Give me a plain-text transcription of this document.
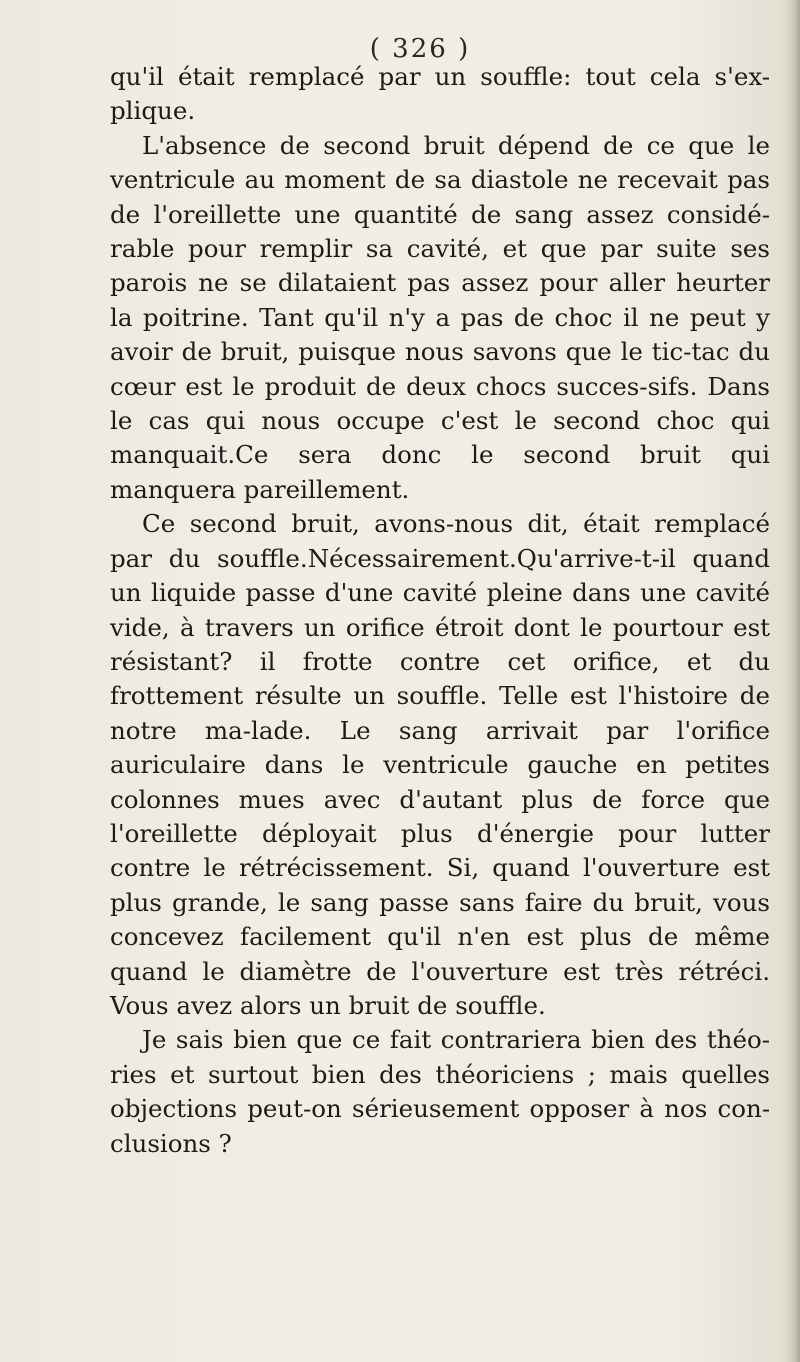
( 326 )

qu'il était remplacé par un souffle: tout cela s'ex-plique.

L'absence de second bruit dépend de ce que le ventricule au moment de sa diastole ne recevait pas de l'oreillette une quantité de sang assez considé-rable pour remplir sa cavité, et que par suite ses parois ne se dilataient pas assez pour aller heurter la poitrine. Tant qu'il n'y a pas de choc il ne peut y avoir de bruit, puisque nous savons que le tic-tac du cœur est le produit de deux chocs succes-sifs. Dans le cas qui nous occupe c'est le second choc qui manquait.Ce sera donc le second bruit qui manquera pareillement.

Ce second bruit, avons-nous dit, était remplacé par du souffle.Nécessairement.Qu'arrive-t-il quand un liquide passe d'une cavité pleine dans une cavité vide, à travers un orifice étroit dont le pourtour est résistant? il frotte contre cet orifice, et du frottement résulte un souffle. Telle est l'histoire de notre ma-lade. Le sang arrivait par l'orifice auriculaire dans le ventricule gauche en petites colonnes mues avec d'autant plus de force que l'oreillette déployait plus d'énergie pour lutter contre le rétrécissement. Si, quand l'ouverture est plus grande, le sang passe sans faire du bruit, vous concevez facilement qu'il n'en est plus de même quand le diamètre de l'ouverture est très rétréci. Vous avez alors un bruit de souffle.

Je sais bien que ce fait contrariera bien des théo-ries et surtout bien des théoriciens ; mais quelles objections peut-on sérieusement opposer à nos con-clusions ?
